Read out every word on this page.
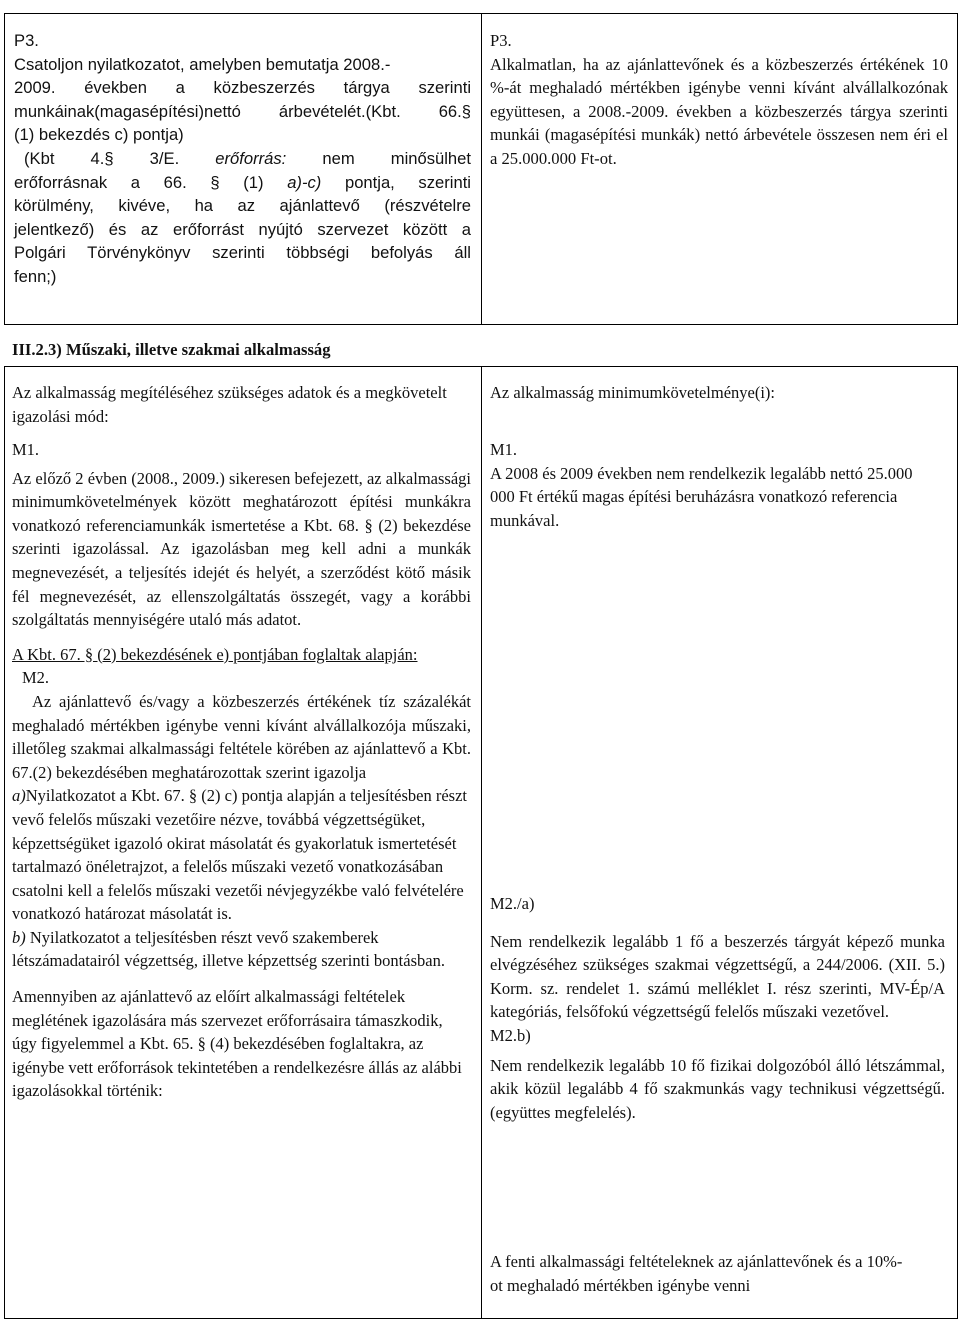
P3.
Csatoljon nyilatkozatot, amelyben bemutatja 2008.-
2009. években a közbeszerzés tárgya szerinti
munkáinak(magasépítési)nettó árbevételét.(Kbt. 66.§
(1) bekezdés c) pontja)
(Kbt 4.§ 3/E. erőforrás: nem minősülhet
erőforrásnak a 66. § (1) a)-c) pontja, szerinti
körülmény, kivéve, ha az ajánlattevő (részvételre
jelentkező) és az erőforrást nyújtó szervezet között a
Polgári Törvénykönyv szerinti többségi befolyás áll
fenn;)
P3.
Alkalmatlan, ha az ajánlattevőnek és a közbeszerzés értékének 10 %-át meghaladó mértékben igénybe venni kívánt alvállalkozónak együttesen, a 2008.-2009. években a közbeszerzés tárgya szerinti munkái (magasépítési munkák) nettó árbevétele összesen nem éri el a 25.000.000 Ft-ot.
III.2.3) Műszaki, illetve szakmai alkalmasság
Az alkalmasság megítéléséhez szükséges adatok és a megkövetelt igazolási mód:
M1.
Az előző 2 évben (2008., 2009.) sikeresen befejezett, az alkalmassági minimumkövetelmények között meghatározott építési munkákra vonatkozó referenciamunkák ismertetése a Kbt. 68. § (2) bekezdése szerinti igazolással. Az igazolásban meg kell adni a munkák megnevezését, a teljesítés idejét és helyét, a szerződést kötő másik fél megnevezését, az ellenszolgáltatás összegét, vagy a korábbi szolgáltatás mennyiségére utaló más adatot.
A Kbt. 67. § (2) bekezdésének e) pontjában foglaltak alapján:
M2.
Az ajánlattevő és/vagy a közbeszerzés értékének tíz százalékát meghaladó mértékben igénybe venni kívánt alvállalkozója műszaki, illetőleg szakmai alkalmassági feltétele körében az ajánlattevő a Kbt. 67.(2) bekezdésében meghatározottak szerint igazolja
a)Nyilatkozatot a Kbt. 67. § (2) c) pontja alapján a teljesítésben részt vevő felelős műszaki vezetőire nézve, továbbá végzettségüket, képzettségüket igazoló okirat másolatát és gyakorlatuk ismertetését tartalmazó önéletrajzot, a felelős műszaki vezető vonatkozásában csatolni kell a felelős műszaki vezetői névjegyzékbe való felvételére vonatkozó határozat másolatát is.
b) Nyilatkozatot a teljesítésben részt vevő szakemberek létszámadatairól végzettség, illetve képzettség szerinti bontásban.
Amennyiben az ajánlattevő az előírt alkalmassági feltételek meglétének igazolására más szervezet erőforrásaira támaszkodik, úgy figyelemmel a Kbt. 65. § (4) bekezdésében foglaltakra, az igénybe vett erőforrások tekintetében a rendelkezésre állás az alábbi igazolásokkal történik:
Az alkalmasság minimumkövetelménye(i):
M1.
A 2008 és 2009 években nem rendelkezik legalább nettó 25.000 000 Ft értékű magas építési beruházásra vonatkozó referencia munkával.
M2./a)
Nem rendelkezik legalább 1 fő a beszerzés tárgyát képező munka elvégzéséhez szükséges szakmai végzettségű, a 244/2006. (XII. 5.) Korm. sz. rendelet 1. számú melléklet I. rész szerinti, MV-Ép/A kategóriás, felsőfokú végzettségű felelős műszaki vezetővel.
M2.b)
Nem rendelkezik legalább 10 fő fizikai dolgozóból álló létszámmal, akik közül legalább 4 fő szakmunkás vagy technikusi végzettségű. (együttes megfelelés).
A fenti alkalmassági feltételeknek az ajánlattevőnek és a 10%-ot meghaladó mértékben igénybe venni
